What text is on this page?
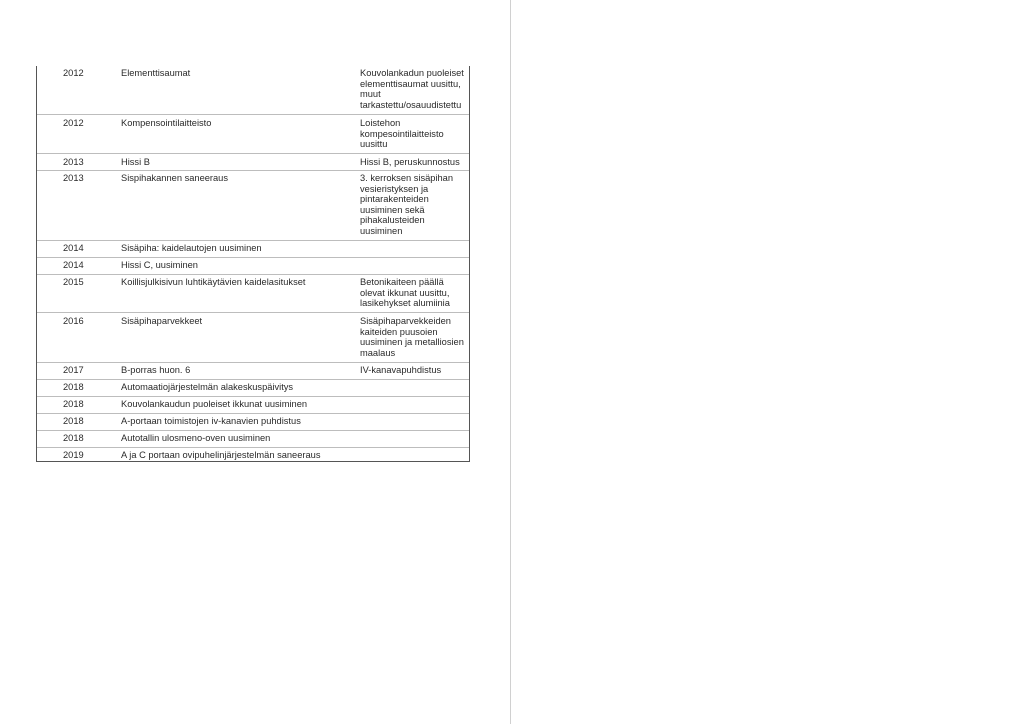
2012	Elementtisaumat	Kouvolankadun puoleiset
elementtisaumat uusittu,
muut
tarkastettu/osauudistettu
2012	Kompensointilaitteisto	Loistehon
kompesointilaitteisto
uusittu
2013	Hissi B	Hissi B, peruskunnostus
2013	Sispihakannen saneeraus	3. kerroksen sisäpihan
vesieristyksen ja
pintarakenteiden
uusiminen sekä
pihakalusteiden
uusiminen
2014	Sisäpiha: kaidelautojen uusiminen
2014	Hissi C, uusiminen
2015	Koillisjulkisivun luhtikäytävien kaidelasitukset	Betonikaiteen päällä
olevat ikkunat uusittu,
lasikehykset alumiinia
2016	Sisäpihaparvekkeet	Sisäpihaparvekkeiden
kaiteiden puusoien
uusiminen ja metalliosien
maalaus
2017	B-porras huon. 6	IV-kanavapuhdistus
2018	Automaatiojärjestelmän alakeskuspäivitys
2018	Kouvolankaudun puoleiset ikkunat uusiminen
2018	A-portaan toimistojen iv-kanavien puhdistus
2018	Autotallin ulosmeno-oven uusiminen
2019	A ja C portaan ovipuhelinjärjestelmän saneeraus
